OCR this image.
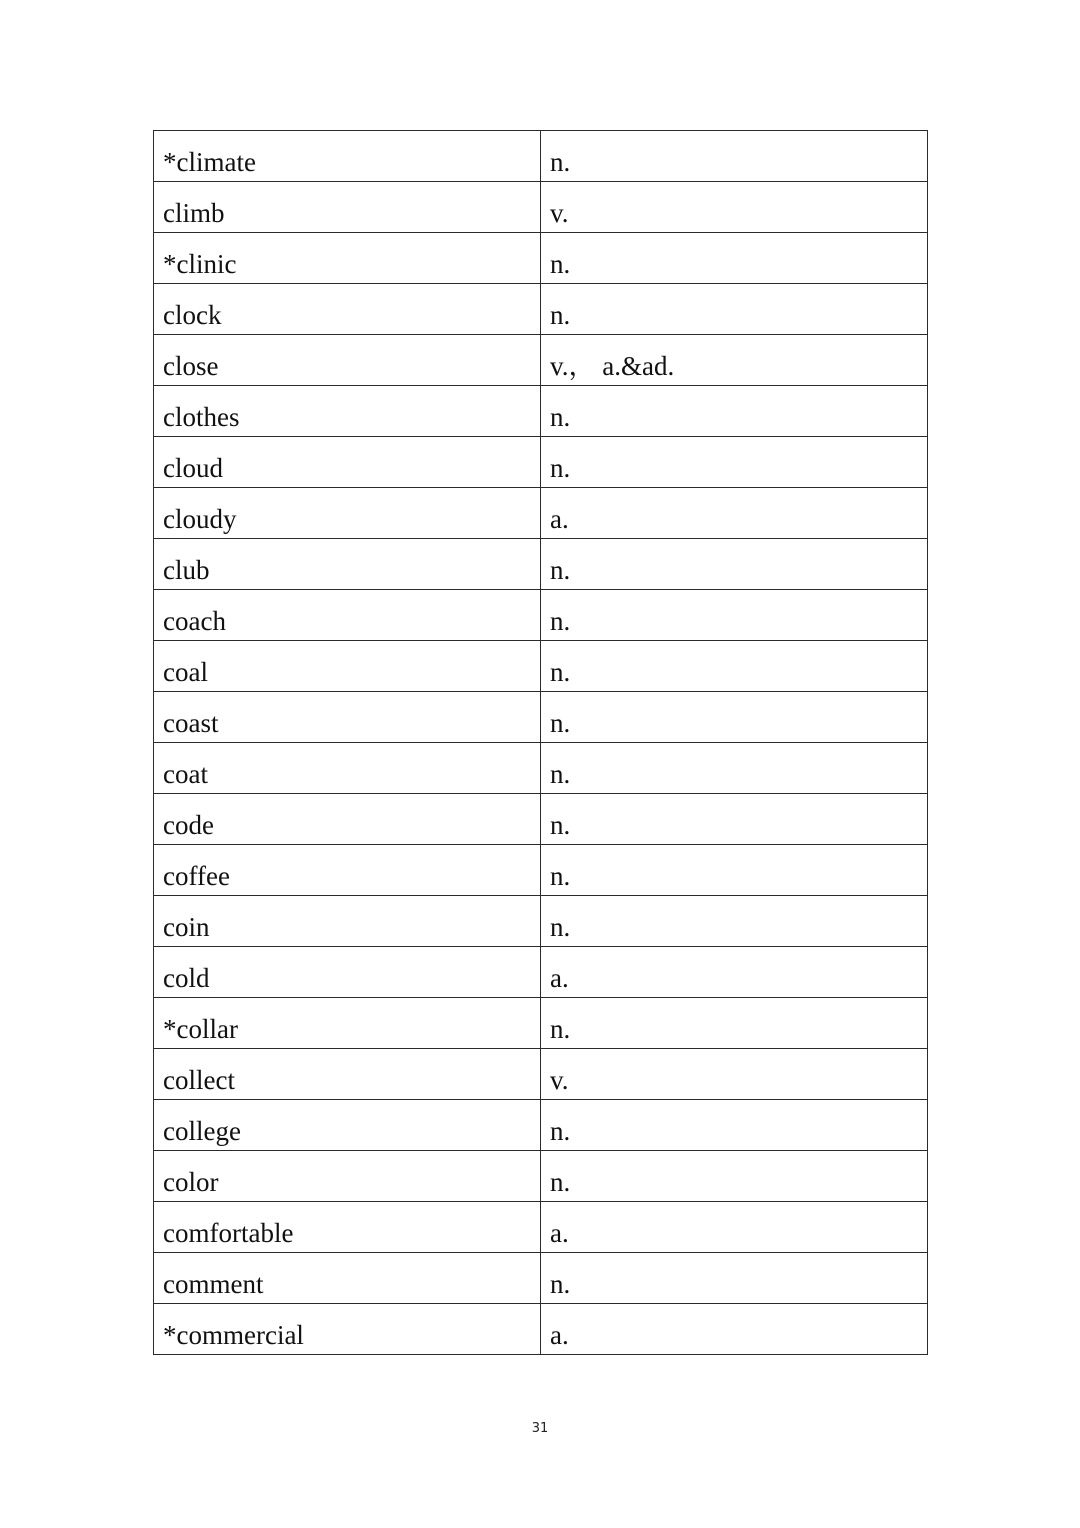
*climate	n.
climb	v.
*clinic	n.
clock	n.
close	v.， a.&ad.
clothes	n.
cloud	n.
cloudy	a.
club	n.
coach	n.
coal	n.
coast	n.
coat	n.
code	n.
coffee	n.
coin	n.
cold	a.
*collar	n.
collect	v.
college	n.
color	n.
comfortable	a.
comment	n.
*commercial	a.
31
